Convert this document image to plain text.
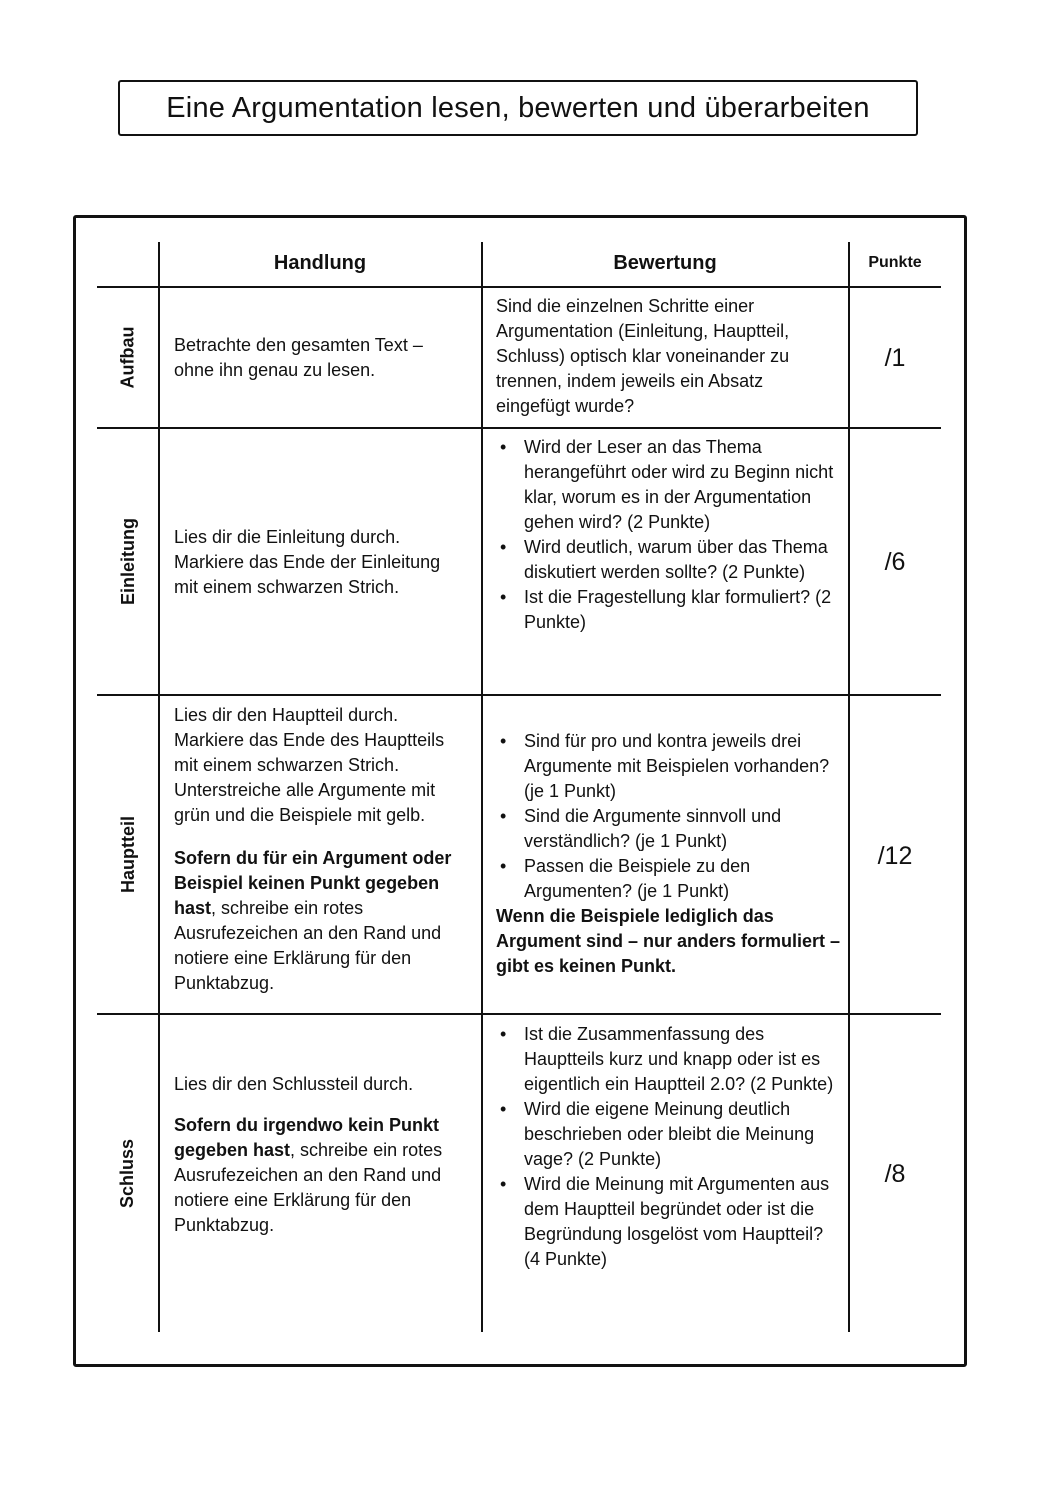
Eine Argumentation lesen, bewerten und überarbeiten
Handlung	Bewertung	Punkte
Aufbau Betrachte den gesamten Text – ohne ihn genau zu lesen.
Sind die einzelnen Schritte einer Argumentation (Einleitung, Hauptteil, Schluss) optisch klar voneinander zu trennen, indem jeweils ein Absatz eingefügt wurde?
/1
Einleitung Lies dir die Einleitung durch. Markiere das Ende der Einleitung mit einem schwarzen Strich.
• Wird der Leser an das Thema herangeführt oder wird zu Beginn nicht klar, worum es in der Argumentation gehen wird? (2 Punkte)
• Wird deutlich, warum über das Thema diskutiert werden sollte? (2 Punkte)
• Ist die Fragestellung klar formuliert? (2 Punkte)
/6
Hauptteil

Lies dir den Hauptteil durch. Markiere das Ende des Hauptteils mit einem schwarzen Strich. Unterstreiche alle Argumente mit grün und die Beispiele mit gelb.

Sofern du für ein Argument oder Beispiel keinen Punkt gegeben hast, schreibe ein rotes Ausrufezeichen an den Rand und notiere eine Erklärung für den Punktabzug.

• Sind für pro und kontra jeweils drei Argumente mit Beispielen vorhanden? (je 1 Punkt)
• Sind die Argumente sinnvoll und verständlich? (je 1 Punkt)
• Passen die Beispiele zu den Argumenten? (je 1 Punkt)

Wenn die Beispiele lediglich das Argument sind – nur anders formuliert – gibt es keinen Punkt.

/12
Schluss

Lies dir den Schlussteil durch.

Sofern du irgendwo kein Punkt gegeben hast, schreibe ein rotes Ausrufezeichen an den Rand und notiere eine Erklärung für den Punktabzug.

• Ist die Zusammenfassung des Hauptteils kurz und knapp oder ist es eigentlich ein Hauptteil 2.0? (2 Punkte)
• Wird die eigene Meinung deutlich beschrieben oder bleibt die Meinung vage? (2 Punkte)
• Wird die Meinung mit Argumenten aus dem Hauptteil begründet oder ist die Begründung losgelöst vom Hauptteil? (4 Punkte)
/8
